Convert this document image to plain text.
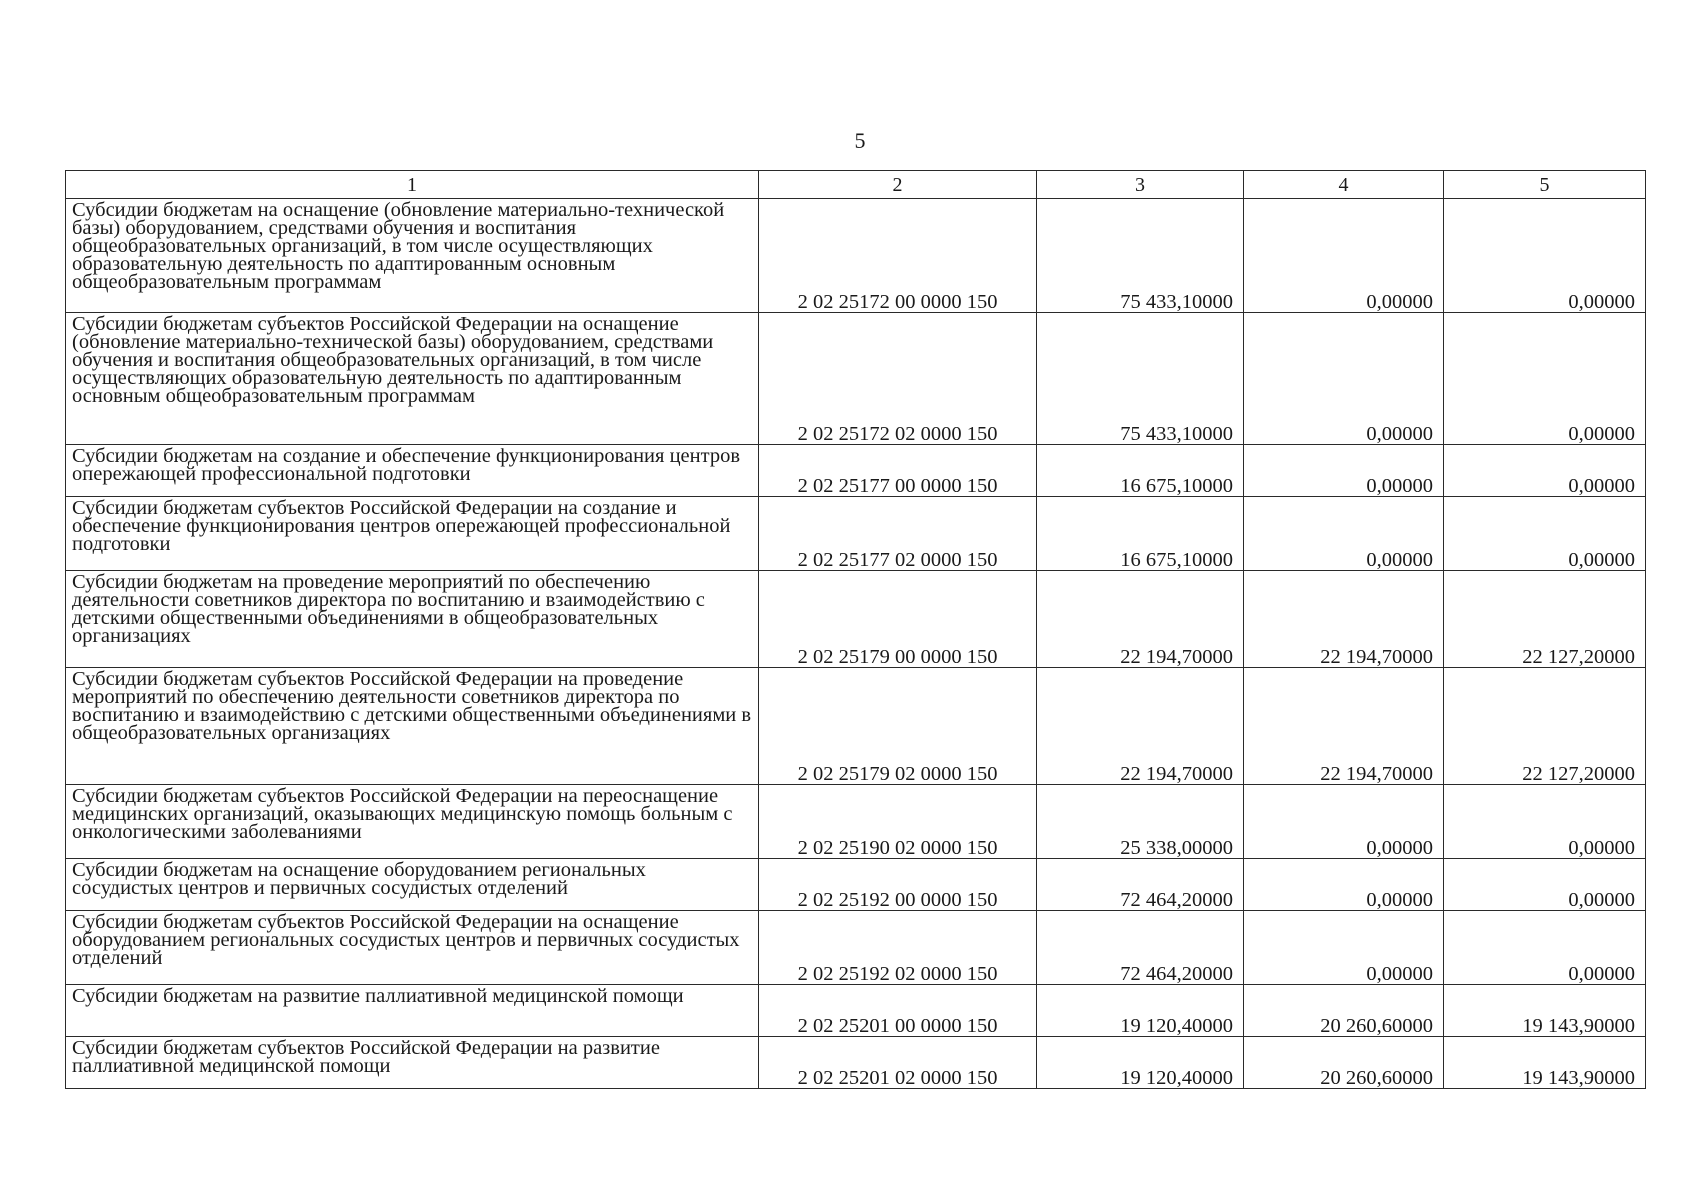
5
1	2	3	4	5
Субсидии бюджетам на оснащение (обновление материально-технической базы) оборудованием, средствами обучения и воспитания общеобразовательных организаций, в том числе осуществляющих образовательную деятельность по адаптированным основным общеобразовательным программам	2 02 25172 00 0000 150	75 433,10000	0,00000	0,00000
Субсидии бюджетам субъектов Российской Федерации на оснащение (обновление материально-технической базы) оборудованием, средствами обучения и воспитания общеобразовательных организаций, в том числе осуществляющих образовательную деятельность по адаптированным основным общеобразовательным программам	2 02 25172 02 0000 150	75 433,10000	0,00000	0,00000
Субсидии бюджетам на создание и обеспечение функционирования центров опережающей профессиональной подготовки	2 02 25177 00 0000 150	16 675,10000	0,00000	0,00000
Субсидии бюджетам субъектов Российской Федерации на создание и обеспечение функционирования центров опережающей профессиональной подготовки	2 02 25177 02 0000 150	16 675,10000	0,00000	0,00000
Субсидии бюджетам на проведение мероприятий по обеспечению деятельности советников директора по воспитанию и взаимодействию с детскими общественными объединениями в общеобразовательных организациях	2 02 25179 00 0000 150	22 194,70000	22 194,70000	22 127,20000
Субсидии бюджетам субъектов Российской Федерации на проведение мероприятий по обеспечению деятельности советников директора по воспитанию и взаимодействию с детскими общественными объединениями в общеобразовательных организациях	2 02 25179 02 0000 150	22 194,70000	22 194,70000	22 127,20000
Субсидии бюджетам субъектов Российской Федерации на переоснащение медицинских организаций, оказывающих медицинскую помощь больным с онкологическими заболеваниями	2 02 25190 02 0000 150	25 338,00000	0,00000	0,00000
Субсидии бюджетам на оснащение оборудованием региональных сосудистых центров и первичных сосудистых отделений	2 02 25192 00 0000 150	72 464,20000	0,00000	0,00000
Субсидии бюджетам субъектов Российской Федерации на оснащение оборудованием региональных сосудистых центров и первичных сосудистых отделений	2 02 25192 02 0000 150	72 464,20000	0,00000	0,00000
Субсидии бюджетам на развитие паллиативной медицинской помощи	2 02 25201 00 0000 150	19 120,40000	20 260,60000	19 143,90000
Субсидии бюджетам субъектов Российской Федерации на развитие паллиативной медицинской помощи	2 02 25201 02 0000 150	19 120,40000	20 260,60000	19 143,90000
